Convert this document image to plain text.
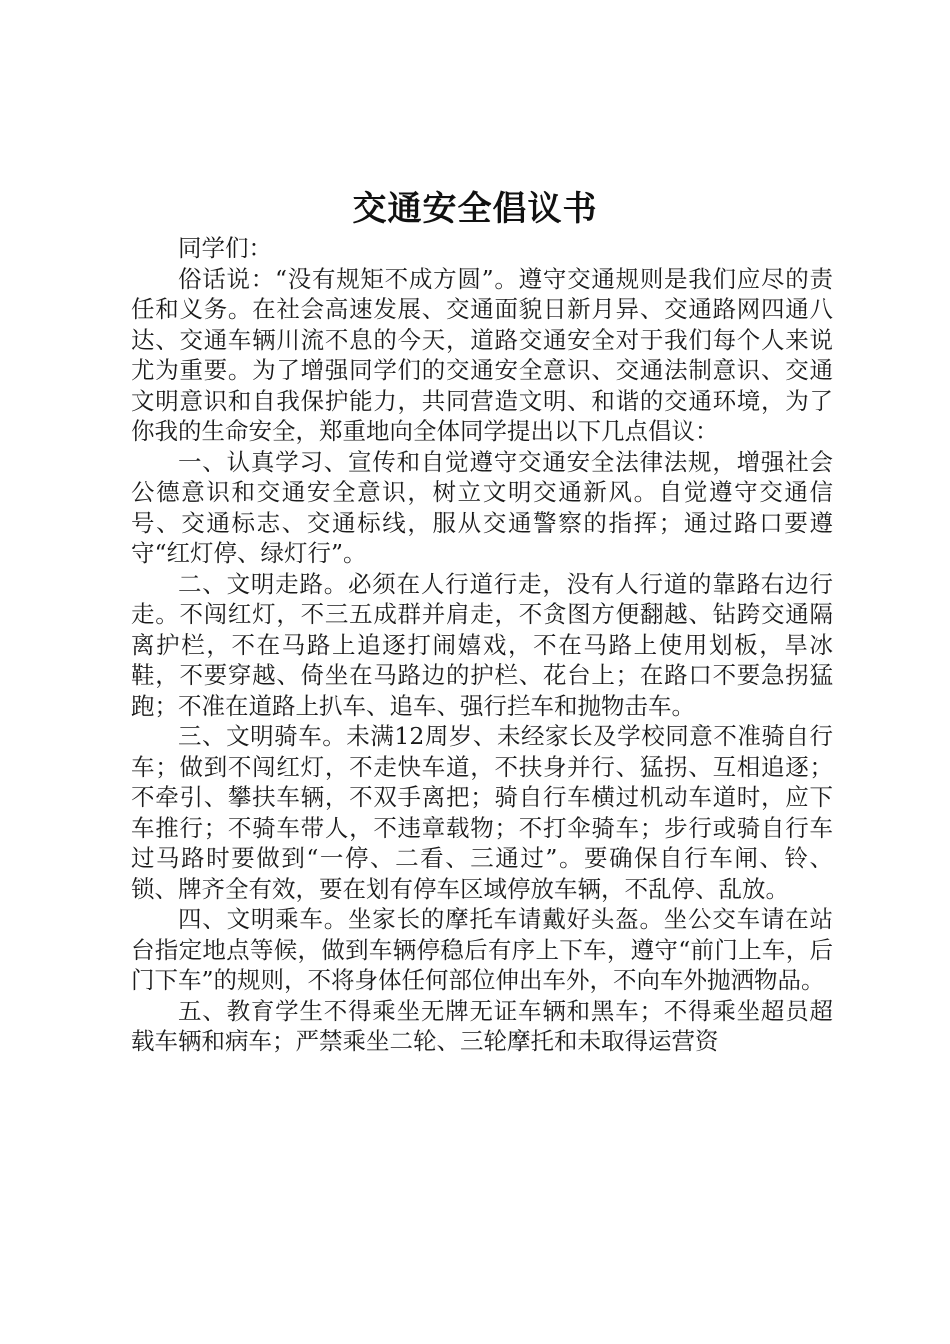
交通安全倡议书

同学们：

俗话说：“没有规矩不成方圆”。遵守交通规则是我们应尽的责任和义务。在社会高速发展、交通面貌日新月异、交通路网四通八达、交通车辆川流不息的今天，道路交通安全对于我们每个人来说尤为重要。为了增强同学们的交通安全意识、交通法制意识、交通文明意识和自我保护能力，共同营造文明、和谐的交通环境，为了你我的生命安全，郑重地向全体同学提出以下几点倡议：

一、认真学习、宣传和自觉遵守交通安全法律法规，增强社会公德意识和交通安全意识，树立文明交通新风。自觉遵守交通信号、交通标志、交通标线，服从交通警察的指挥；通过路口要遵守“红灯停、绿灯行”。

二、文明走路。必须在人行道行走，没有人行道的靠路右边行走。不闯红灯，不三五成群并肩走，不贪图方便翻越、钻跨交通隔离护栏，不在马路上追逐打闹嬉戏，不在马路上使用划板，旱冰鞋，不要穿越、倚坐在马路边的护栏、花台上；在路口不要急拐猛跑；不准在道路上扒车、追车、强行拦车和抛物击车。

三、文明骑车。未满12周岁、未经家长及学校同意不准骑自行车；做到不闯红灯，不走快车道，不扶身并行、猛拐、互相追逐；不牵引、攀扶车辆，不双手离把；骑自行车横过机动车道时，应下车推行；不骑车带人，不违章载物；不打伞骑车；步行或骑自行车过马路时要做到“一停、二看、三通过”。要确保自行车闸、铃、锁、牌齐全有效，要在划有停车区域停放车辆，不乱停、乱放。

四、文明乘车。坐家长的摩托车请戴好头盔。坐公交车请在站台指定地点等候，做到车辆停稳后有序上下车，遵守“前门上车，后门下车”的规则，不将身体任何部位伸出车外，不向车外抛洒物品。

五、教育学生不得乘坐无牌无证车辆和黑车；不得乘坐超员超载车辆和病车；严禁乘坐二轮、三轮摩托和未取得运营资
